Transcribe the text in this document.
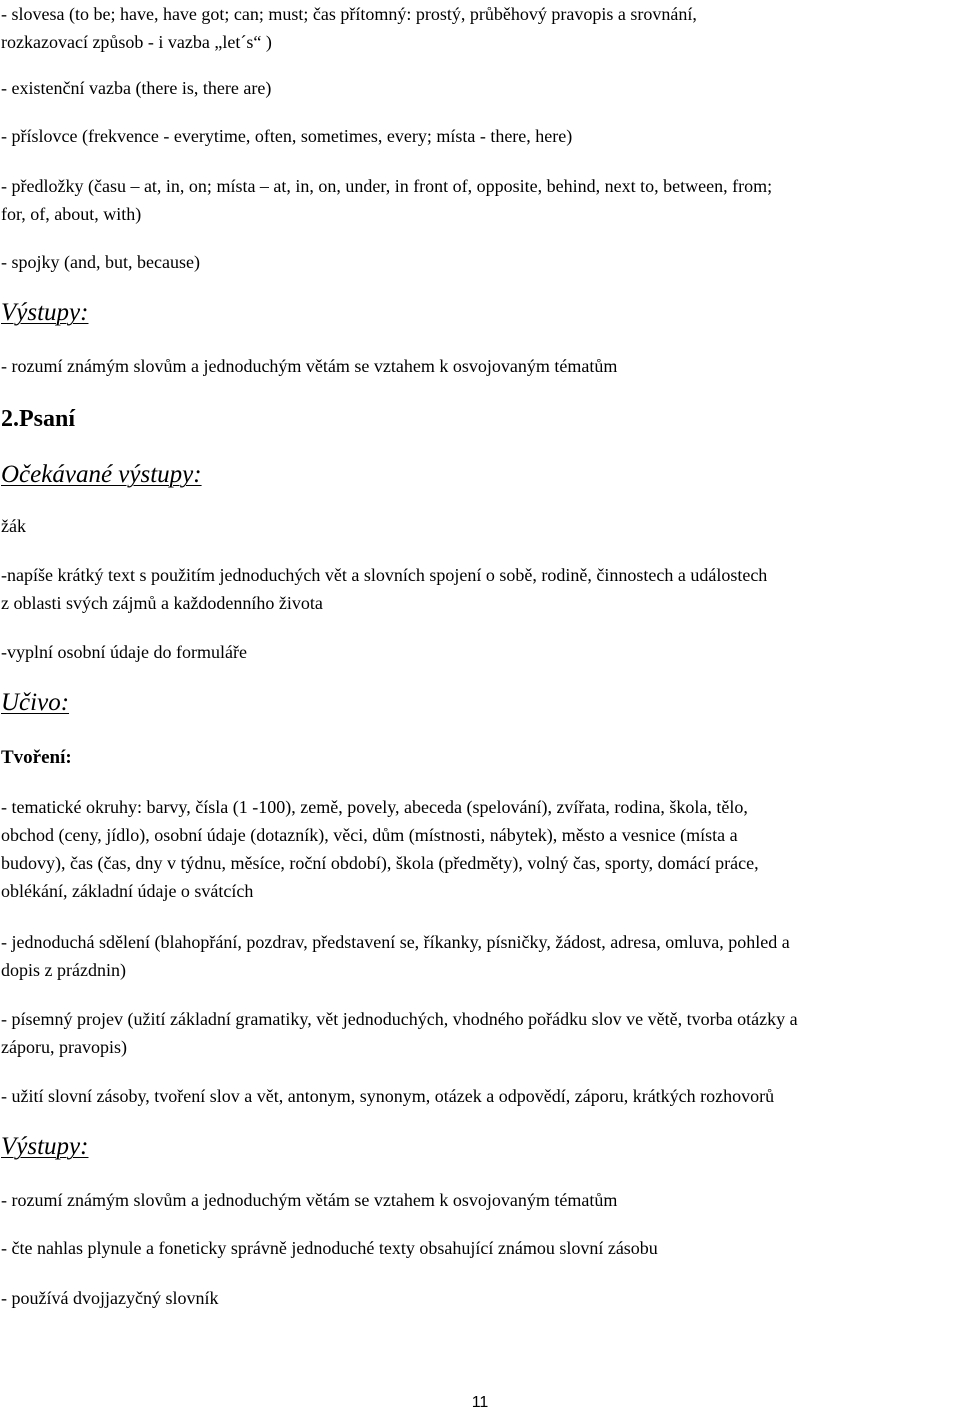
- slovesa (to be; have, have got; can; must; čas přítomný: prostý, průběhový pravopis a srovnání,
rozkazovací způsob - i vazba „let´s“ )
- existenční vazba (there is, there are)
- příslovce (frekvence - everytime, often, sometimes, every; místa - there, here)
- předložky (času – at, in, on; místa – at, in, on, under, in front of, opposite, behind, next to, between, from;
for, of, about, with)
- spojky (and, but, because)
Výstupy:
- rozumí známým slovům a jednoduchým větám se vztahem k osvojovaným tématům
2.Psaní
Očekávané výstupy:
žák
-napíše krátký text s použitím jednoduchých vět a slovních spojení o sobě, rodině, činnostech a událostech
z oblasti svých zájmů a každodenního života
-vyplní osobní údaje do formuláře
Učivo:
Tvoření:
- tematické okruhy: barvy, čísla (1 -100), země, povely, abeceda (spelování), zvířata, rodina, škola, tělo,
obchod (ceny, jídlo), osobní údaje (dotazník), věci, dům (místnosti, nábytek), město a vesnice (místa a
budovy), čas (čas, dny v týdnu, měsíce, roční období), škola (předměty), volný čas, sporty, domácí práce,
oblékání, základní údaje o svátcích
- jednoduchá sdělení (blahopřání, pozdrav, představení se, říkanky, písničky, žádost, adresa, omluva, pohled a
dopis z prázdnin)
- písemný projev (užití základní gramatiky, vět jednoduchých, vhodného pořádku slov ve větě, tvorba otázky a
záporu, pravopis)
- užití slovní zásoby, tvoření slov a vět, antonym, synonym, otázek a odpovědí, záporu, krátkých rozhovorů
Výstupy:
- rozumí známým slovům a jednoduchým větám se vztahem k osvojovaným tématům
- čte nahlas plynule a foneticky správně jednoduché texty obsahující známou slovní zásobu
- používá dvojjazyčný slovník
11
